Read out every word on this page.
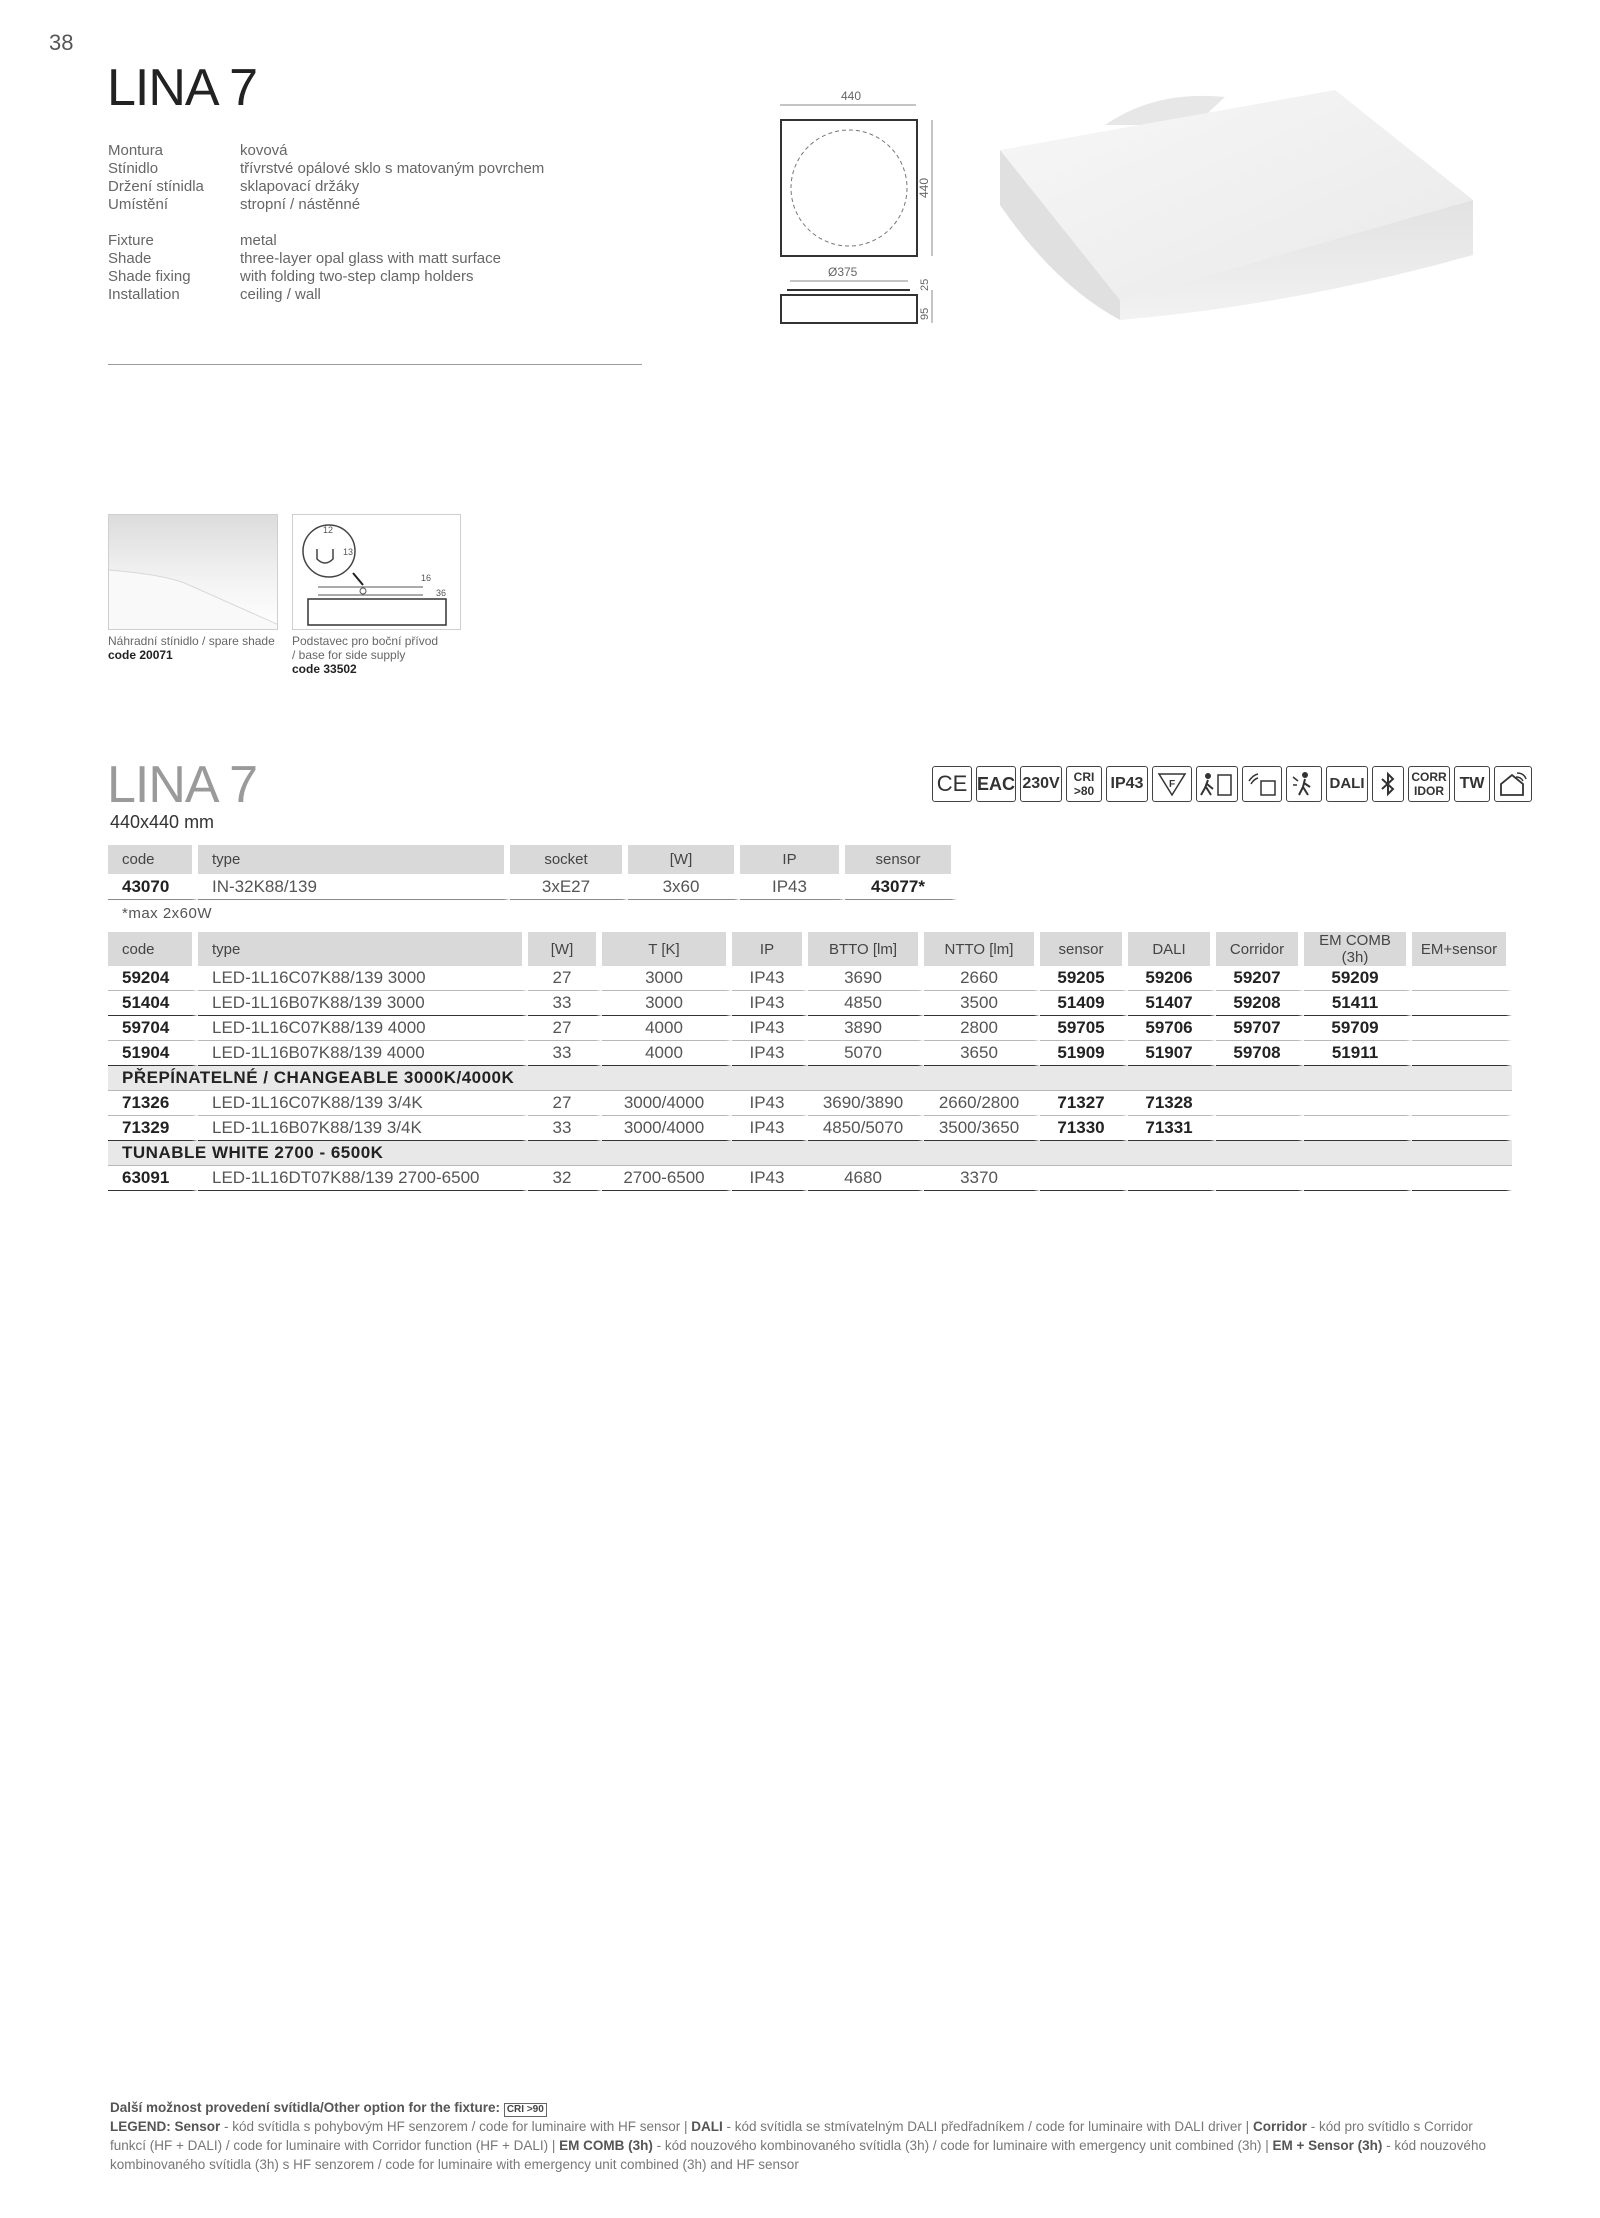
38
LINA 7
Montura	kovová
Stínidlo	třívrstvé opálové sklo s matovaným povrchem
Držení stínidla	sklapovací držáky
Umístění	stropní / nástěnné
Fixture	metal
Shade	three-layer opal glass with matt surface
Shade fixing	with folding two-step clamp holders
Installation	ceiling / wall
440
440
Ø375
95
25
12
13
16
36
Náhradní stínidlo / spare shade
code 20071
Podstavec pro boční přívod
/ base for side supply
code 33502
LINA 7
440x440 mm
CE EAC 230V	CRI >80	IP43	F	DALI	CORR IDOR TW
code	type	socket	[W]	IP	sensor
43070	IN-32K88/139	3xE27	3x60	IP43	43077*
*max 2x60W
code	type	[W]	T [K]	IP	BTTO [lm]	NTTO [lm]	sensor	DALI	Corridor	EM COMB (3h)	EM+sensor
59204	LED-1L16C07K88/139 3000	27	3000	IP43	3690	2660	59205	59206	59207	59209	
51404	LED-1L16B07K88/139 3000	33	3000	IP43	4850	3500	51409	51407	59208	51411	
59704	LED-1L16C07K88/139 4000	27	4000	IP43	3890	2800	59705	59706	59707	59709	
51904	LED-1L16B07K88/139 4000	33	4000	IP43	5070	3650	51909	51907	59708	51911	
PŘEPÍNATELNÉ / CHANGEABLE 3000K/4000K											
71326	LED-1L16C07K88/139 3/4K	27	3000/4000	IP43	3690/3890	2660/2800	71327	71328			
71329	LED-1L16B07K88/139 3/4K	33	3000/4000	IP43	4850/5070	3500/3650	71330	71331			
TUNABLE WHITE 2700 - 6500K											
63091	LED-1L16DT07K88/139 2700-6500	32	2700-6500	IP43	4680	3370					
Další možnost provedení svítidla/Other option for the fixture: CRI >90
LEGEND: Sensor - kód svítidla s pohybovým HF senzorem / code for luminaire with HF sensor | DALI - kód svítidla se stmívatelným DALI předřadníkem / code for luminaire with DALI driver | Corridor - kód pro svítidlo s Corridor funkcí (HF + DALI) / code for luminaire with Corridor function (HF + DALI) | EM COMB (3h) - kód nouzového kombinovaného svítidla (3h) / code for luminaire with emergency unit combined (3h) | EM + Sensor (3h) - kód nouzového kombinovaného svítidla (3h) s HF senzorem / code for luminaire with emergency unit combined (3h) and HF sensor
